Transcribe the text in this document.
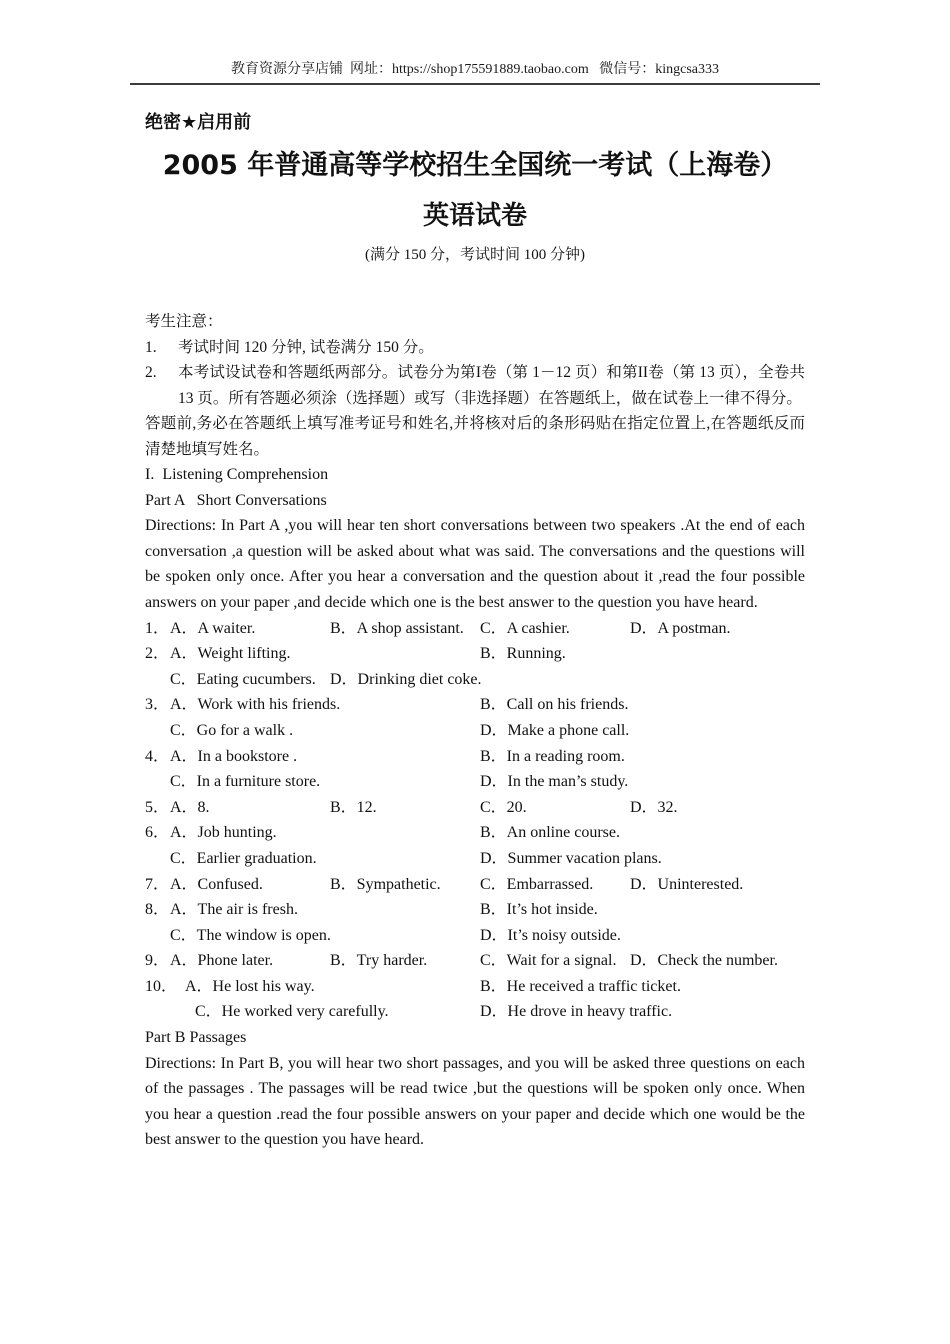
教育资源分享店铺  网址：https://shop175591889.taobao.com   微信号：kingcsa333
绝密★启用前
2005 年普通高等学校招生全国统一考试（上海卷）
英语试卷
(满分 150 分，考试时间 100 分钟)
考生注意：
1.	考试时间 120 分钟, 试卷满分 150 分。
2.	本考试设试卷和答题纸两部分。试卷分为第I卷（第 1－12 页）和第II卷（第 13 页），全卷共 13 页。所有答题必须涂（选择题）或写（非选择题）在答题纸上，做在试卷上一律不得分。
答题前,务必在答题纸上填写准考证号和姓名,并将核对后的条形码贴在指定位置上,在答题纸反而清楚地填写姓名。
I.  Listening Comprehension
Part A   Short Conversations

Directions: In Part A ,you will hear ten short conversations between two speakers .At the end of each conversation ,a question will be asked about what was said. The conversations and the questions will be spoken only once. After you hear a conversation and the question about it ,read the four possible answers on your paper ,and decide which one is the best answer to the question you have heard.

1． A．A waiter.	B．A shop assistant. C．A cashier.	D．A postman.
2． A．Weight lifting.	B．Running.
C．Eating cucumbers. D．Drinking diet coke.
3． A．Work with his friends.	B．Call on his friends.
C．Go for a walk .	D．Make a phone call.
4． A．In a bookstore .	B．In a reading room.
C．In a furniture store.	D．In the man’s study.
5． A．8.	B．12.	C．20.	D．32.
6． A．Job hunting.	B．An online course.
C．Earlier graduation.	D．Summer vacation plans.
7． A．Confused.	B．Sympathetic. C．Embarrassed. D．Uninterested.
8． A．The air is fresh.	B．It’s hot inside.
C．The window is open.	D．It’s noisy outside.
9． A．Phone later.	B．Try harder.	C．Wait for a signal. D．Check the number.
10． A．He lost his way.	B．He received a traffic ticket.
C．He worked very carefully.	D．He drove in heavy traffic.
Part B Passages

Directions: In Part B, you will hear two short passages, and you will be asked three questions on each of the passages . The passages will be read twice ,but the questions will be spoken only once. When you hear a question .read the four possible answers on your paper and decide which one would be the best answer to the question you have heard.
